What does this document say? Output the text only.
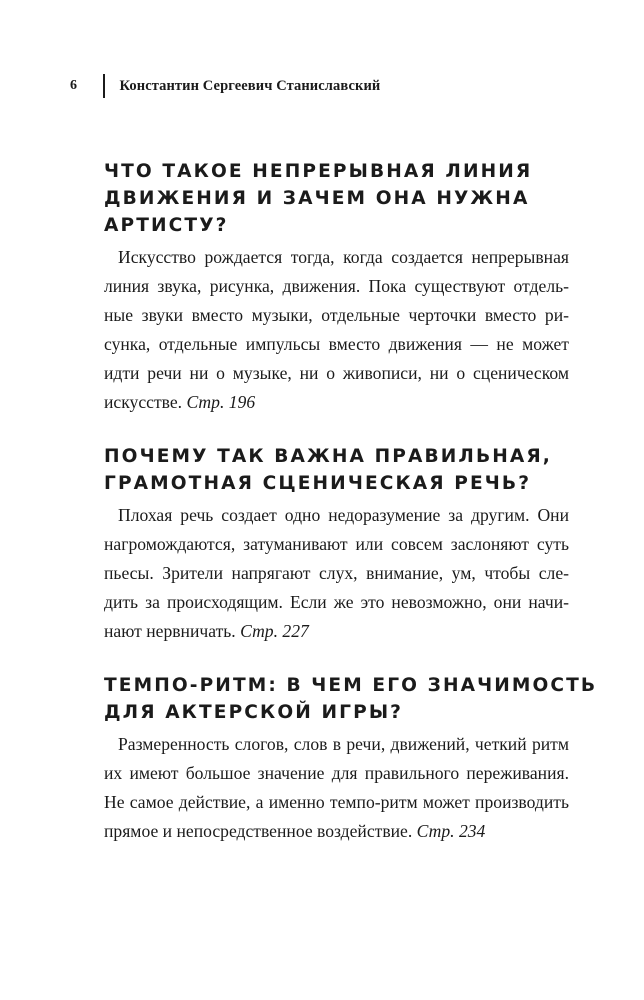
6	Константин Сергеевич Станиславский
ЧТО ТАКОЕ НЕПРЕРЫВНАЯ ЛИНИЯ
ДВИЖЕНИЯ И ЗАЧЕМ ОНА НУЖНА
АРТИСТУ?

Искусство рождается тогда, когда создается непрерывная
линия звука, рисунка, движения. Пока существуют отдель-
ные звуки вместо музыки, отдельные черточки вместо ри-
сунка, отдельные импульсы вместо движения — не может
идти речи ни о музыке, ни о живописи, ни о сценическом
искусстве. Стр. 196

ПОЧЕМУ ТАК ВАЖНА ПРАВИЛЬНАЯ,
ГРАМОТНАЯ СЦЕНИЧЕСКАЯ РЕЧЬ?

Плохая речь создает одно недоразумение за другим. Они
нагромождаются, затуманивают или совсем заслоняют суть
пьесы. Зрители напрягают слух, внимание, ум, чтобы сле-
дить за происходящим. Если же это невозможно, они начи-
нают нервничать. Стр. 227

ТЕМПО-РИТМ: В ЧЕМ ЕГО ЗНАЧИМОСТЬ
ДЛЯ АКТЕРСКОЙ ИГРЫ?

Размеренность слогов, слов в речи, движений, четкий ритм
их имеют большое значение для правильного переживания.
Не самое действие, а именно темпо-ритм может производить
прямое и непосредственное воздействие. Стр. 234
